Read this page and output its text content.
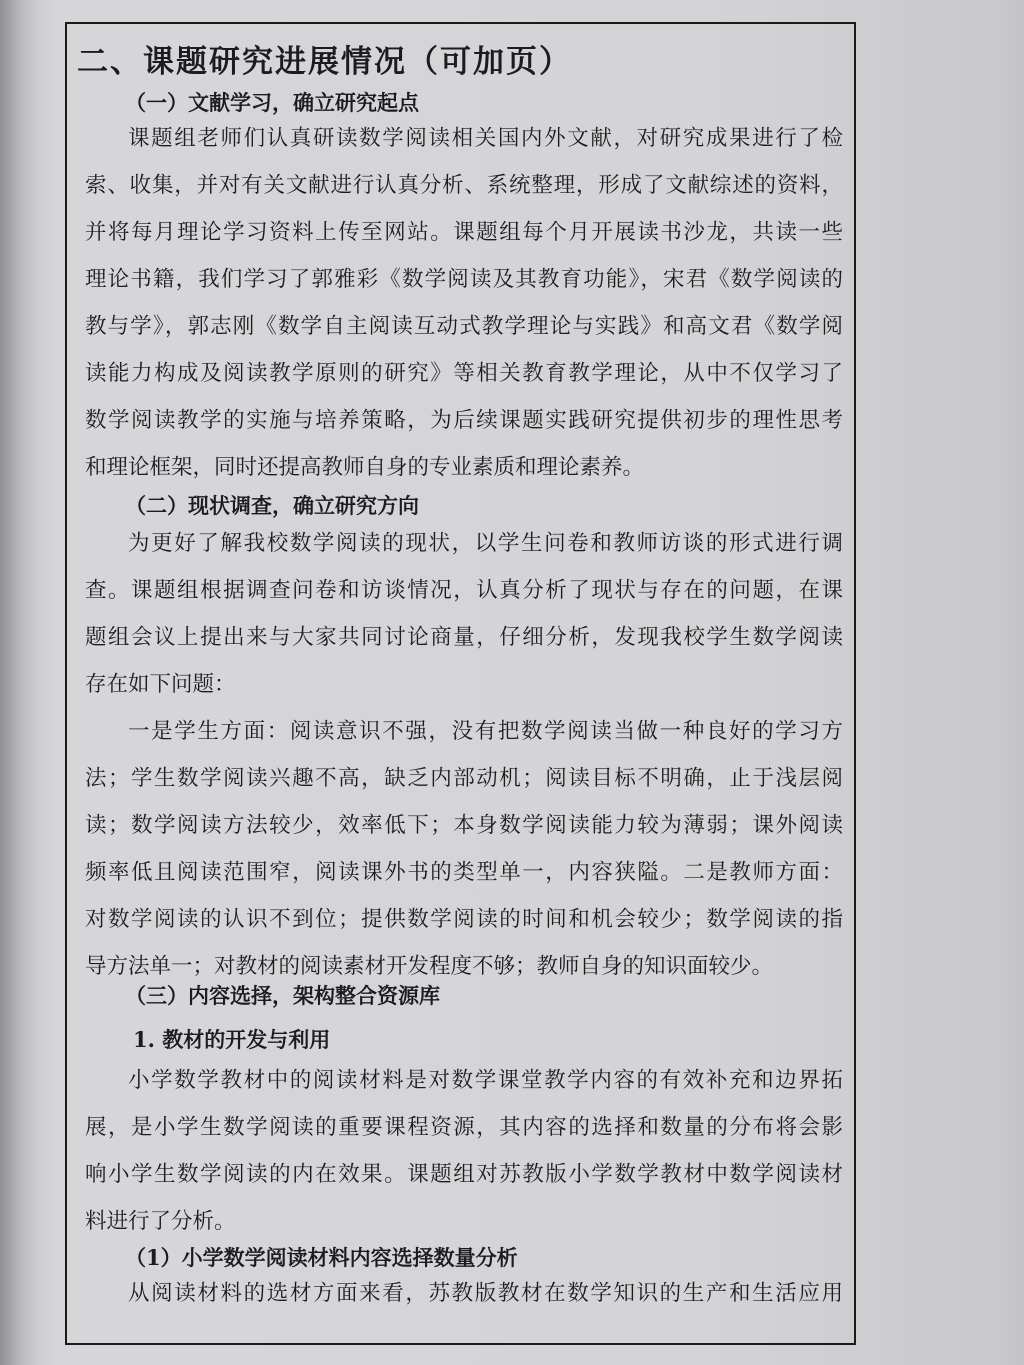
二、课题研究进展情况（可加页）
（一）文献学习，确立研究起点
课题组老师们认真研读数学阅读相关国内外文献，对研究成果进行了检
索、收集，并对有关文献进行认真分析、系统整理，形成了文献综述的资料，
并将每月理论学习资料上传至网站。课题组每个月开展读书沙龙，共读一些
理论书籍，我们学习了郭雅彩《数学阅读及其教育功能》，宋君《数学阅读的
教与学》，郭志刚《数学自主阅读互动式教学理论与实践》和高文君《数学阅
读能力构成及阅读教学原则的研究》等相关教育教学理论，从中不仅学习了
数学阅读教学的实施与培养策略，为后续课题实践研究提供初步的理性思考
和理论框架，同时还提高教师自身的专业素质和理论素养。
（二）现状调查，确立研究方向
为更好了解我校数学阅读的现状，以学生问卷和教师访谈的形式进行调
查。课题组根据调查问卷和访谈情况，认真分析了现状与存在的问题，在课
题组会议上提出来与大家共同讨论商量，仔细分析，发现我校学生数学阅读
存在如下问题：
一是学生方面：阅读意识不强，没有把数学阅读当做一种良好的学习方
法；学生数学阅读兴趣不高，缺乏内部动机；阅读目标不明确，止于浅层阅
读；数学阅读方法较少，效率低下；本身数学阅读能力较为薄弱；课外阅读
频率低且阅读范围窄，阅读课外书的类型单一，内容狭隘。二是教师方面：
对数学阅读的认识不到位；提供数学阅读的时间和机会较少；数学阅读的指
导方法单一；对教材的阅读素材开发程度不够；教师自身的知识面较少。
（三）内容选择，架构整合资源库
1. 教材的开发与利用
小学数学教材中的阅读材料是对数学课堂教学内容的有效补充和边界拓
展，是小学生数学阅读的重要课程资源，其内容的选择和数量的分布将会影
响小学生数学阅读的内在效果。课题组对苏教版小学数学教材中数学阅读材
料进行了分析。
（1）小学数学阅读材料内容选择数量分析
从阅读材料的选材方面来看，苏教版教材在数学知识的生产和生活应用
